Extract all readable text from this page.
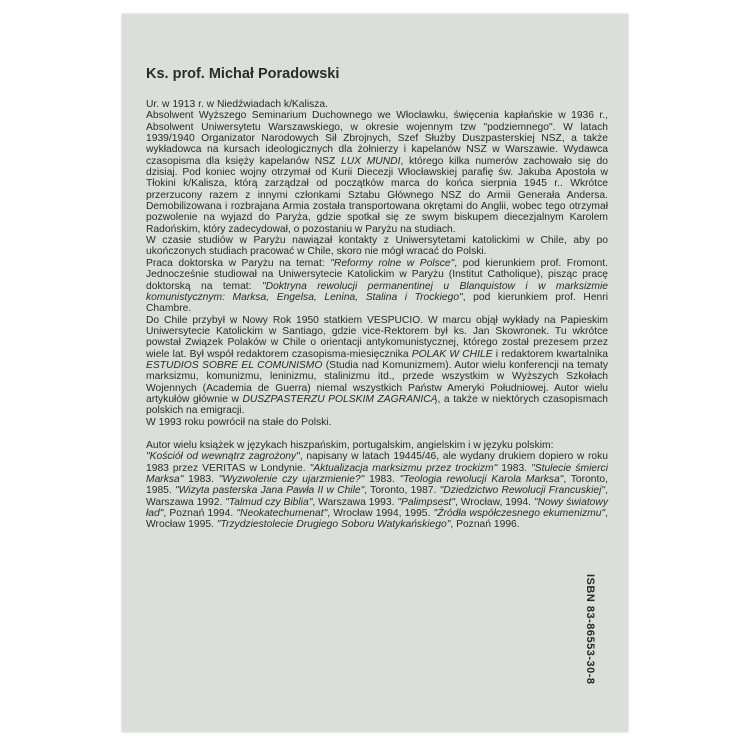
Ks. prof. Michał Poradowski
Ur. w 1913 r. w Niedźwiadach k/Kalisza.
Absolwent Wyższego Seminarium Duchownego we Włocławku, święcenia kapłańskie w 1936 r., Absolwent Uniwersytetu Warszawskiego, w okresie wojennym tzw "podziemnego". W latach 1939/1940 Organizator Narodowych Sił Zbrojnych, Szef Służby Duszpasterskiej NSZ, a także wykładowca na kursach ideologicznych dla żołnierzy i kapelanów NSZ w Warszawie. Wydawca czasopisma dla księży kapelanów NSZ LUX MUNDI, którego kilka numerów zachowało się do dzisiaj. Pod koniec wojny otrzymał od Kurii Diecezji Włocławskiej parafię św. Jakuba Apostoła w Tłokini k/Kalisza, którą zarządzał od początków marca do końca sierpnia 1945 r.. Wkrótce przerzucony razem z innymi członkami Sztabu Głównego NSZ do Armii Generała Andersa. Demobilizowana i rozbrajana Armia została transportowana okrętami do Anglii, wobec tego otrzymał pozwolenie na wyjazd do Paryża, gdzie spotkał się ze swym biskupem diecezjalnym Karolem Radońskim, który zadecydował, o pozostaniu w Paryżu na studiach.
W czasie studiów w Paryżu nawiązał kontakty z Uniwersytetami katolickimi w Chile, aby po ukończonych studiach pracować w Chile, skoro nie mógł wracać do Polski.
Praca doktorska w Paryżu na temat: "Reformy rolne w Polsce", pod kierunkiem prof. Fromont. Jednocześnie studiował na Uniwersytecie Katolickim w Paryżu (Institut Catholique), pisząc pracę doktorską na temat: "Doktryna rewolucji permanentinej u Blanquistow i w marksizmie komunistycznym: Marksa, Engelsa, Lenina, Stalina i Trockiego", pod kierunkiem prof. Henri Chambre.
Do Chile przybył w Nowy Rok 1950 statkiem VESPUCIO. W marcu objął wykłady na Papieskim Uniwersytecie Katolickim w Santiago, gdzie vice-Rektorem był ks. Jan Skowronek. Tu wkrótce powstał Związek Polaków w Chile o orientacji antykomunistycznej, którego został prezesem przez wiele lat. Był współ redaktorem czasopisma-miesięcznika POLAK W CHILE i redaktorem kwartalnika ESTUDIOS SOBRE EL COMUNISMO (Studia nad Komunizmem). Autor wielu konferencji na tematy marksizmu, komunizmu, leninizmu, stalinizmu itd., przede wszystkim w Wyższych Szkołach Wojennych (Academia de Guerra) niemal wszystkich Państw Ameryki Południowej. Autor wielu artykułów głównie w DUSZPASTERZU POLSKIM ZAGRANICĄ, a także w niektórych czasopismach polskich na emigracji.
W 1993 roku powrócił na stałe do Polski.
Autor wielu książek w językach hiszpańskim, portugalskim, angielskim i w języku polskim:
"Kościół od wewnątrz zagrożony", napisany w latach 19445/46, ale wydany drukiem dopiero w roku 1983 przez VERITAS w Londynie. "Aktualizacja marksizmu przez trockizm" 1983. "Stulecie śmierci Marksa" 1983. "Wyzwolenie czy ujarzmienie?" 1983. "Teologia rewolucji Karola Marksa", Toronto, 1985. "Wizyta pasterska Jana Pawła II w Chile", Toronto, 1987. "Dziedzictwo Rewolucji Francuskiej", Warszawa 1992. "Talmud czy Biblia", Warszawa 1993. "Palimpsest", Wrocław, 1994. "Nowy światowy ład", Poznań 1994. "Neokatechumenat", Wrocław 1994, 1995. "Źródła współczesnego ekumenizmu", Wrocław 1995. "Trzydziestolecie Drugiego Soboru Watykańskiego", Poznań 1996.
ISBN 83-86553-30-8
